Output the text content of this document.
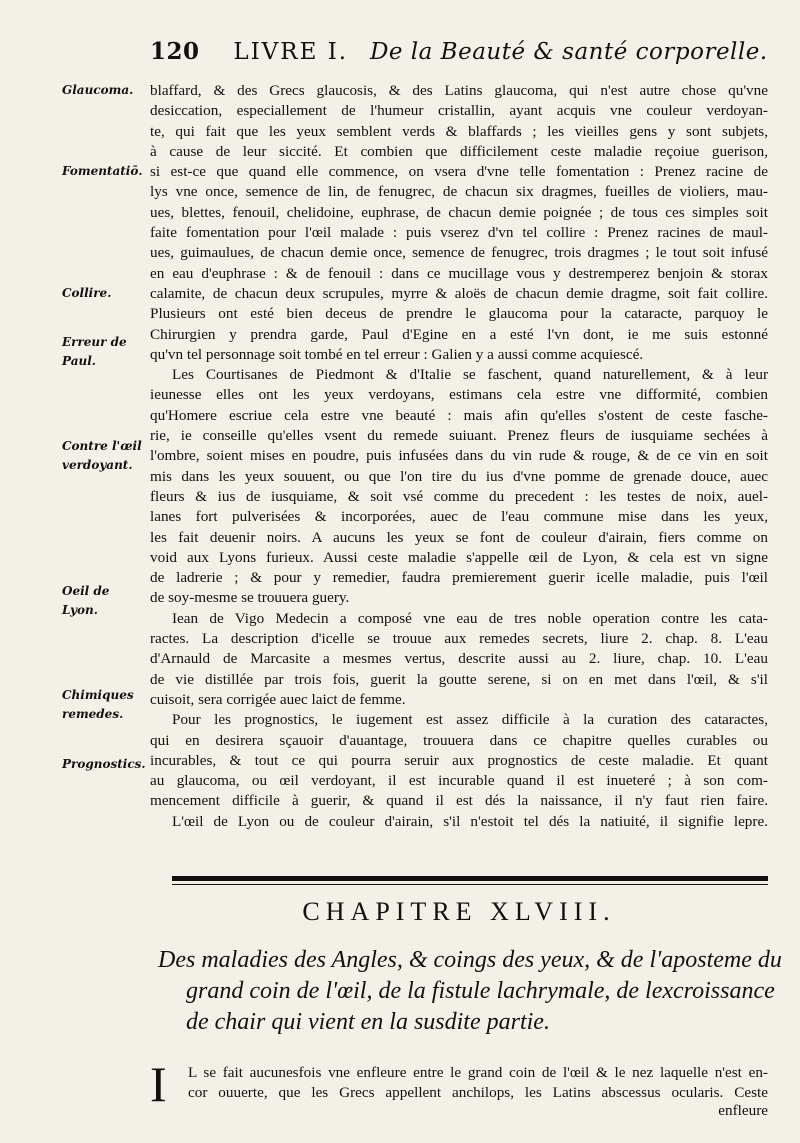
120 LIVRE I. De la Beauté & santé corporelle.
Glaucoma.
Fomentatiō.
Collire.
Erreur de Paul.
Contre l'œil verdoyant.
Oeil de Lyon.
Chimiques remedes.
Prognostics.
blaffard, & des Grecs glaucosis, & des Latins glaucoma, qui n'est autre chose qu'vne
desiccation, especiallement de l'humeur cristallin, ayant acquis vne couleur verdoyan-
te, qui fait que les yeux semblent verds & blaffards ; les vieilles gens y sont subjets,
à cause de leur siccité. Et combien que difficilement ceste maladie reçoiue guerison,
si est-ce que quand elle commence, on vsera d'vne telle fomentation : Prenez racine de
lys vne once, semence de lin, de fenugrec, de chacun six dragmes, fueilles de violiers, mau-
ues, blettes, fenouil, chelidoine, euphrase, de chacun demie poignée ; de tous ces simples soit
faite fomentation pour l'œil malade : puis vserez d'vn tel collire : Prenez racines de maul-
ues, guimaulues, de chacun demie once, semence de fenugrec, trois dragmes ; le tout soit infusé
en eau d'euphrase : & de fenouil : dans ce mucillage vous y destremperez benjoin & storax
calamite, de chacun deux scrupules, myrre & aloës de chacun demie dragme, soit fait collire.
Plusieurs ont esté bien deceus de prendre le glaucoma pour la cataracte, parquoy le
Chirurgien y prendra garde, Paul d'Egine en a esté l'vn dont, ie me suis estonné
qu'vn tel personnage soit tombé en tel erreur : Galien y a aussi comme acquiescé.
Les Courtisanes de Piedmont & d'Italie se faschent, quand naturellement, & à leur
ieunesse elles ont les yeux verdoyans, estimans cela estre vne difformité, combien
qu'Homere escriue cela estre vne beauté : mais afin qu'elles s'ostent de ceste fasche-
rie, ie conseille qu'elles vsent du remede suiuant. Prenez fleurs de iusquiame sechées à
l'ombre, soient mises en poudre, puis infusées dans du vin rude & rouge, & de ce vin en soit
mis dans les yeux souuent, ou que l'on tire du ius d'vne pomme de grenade douce, auec
fleurs & ius de iusquiame, & soit vsé comme du precedent : les testes de noix, auel-
lanes fort pulverisées & incorporées, auec de l'eau commune mise dans les yeux,
les fait deuenir noirs. A aucuns les yeux se font de couleur d'airain, fiers comme on
void aux Lyons furieux. Aussi ceste maladie s'appelle œil de Lyon, & cela est vn signe
de ladrerie ; & pour y remedier, faudra premierement guerir icelle maladie, puis l'œil
de soy-mesme se trouuera guery.
Iean de Vigo Medecin a composé vne eau de tres noble operation contre les cata-
ractes. La description d'icelle se trouue aux remedes secrets, liure 2. chap. 8. L'eau
d'Arnauld de Marcasite a mesmes vertus, descrite aussi au 2. liure, chap. 10. L'eau
de vie distillée par trois fois, guerit la goutte serene, si on en met dans l'œil, & s'il
cuisoit, sera corrigée auec laict de femme.
Pour les prognostics, le iugement est assez difficile à la curation des cataractes,
qui en desirera sçauoir d'auantage, trouuera dans ce chapitre quelles curables ou
incurables, & tout ce qui pourra seruir aux prognostics de ceste maladie. Et quant
au glaucoma, ou œil verdoyant, il est incurable quand il est inueteré ; à son com-
mencement difficile à guerir, & quand il est dés la naissance, il n'y faut rien faire.
L'œil de Lyon ou de couleur d'airain, s'il n'estoit tel dés la natiuité, il signifie lepre.
CHAPITRE XLVIII.
Des maladies des Angles, & coings des yeux, & de l'aposteme du
grand coin de l'œil, de la fistule lachrymale, de lexcroissance
de chair qui vient en la susdite partie.
I L se fait aucunesfois vne enfleure entre le grand coin de l'œil & le nez laquelle n'est en-
cor ouuerte, que les Grecs appellent anchilops, les Latins abscessus ocularis. Ceste
enfleure
